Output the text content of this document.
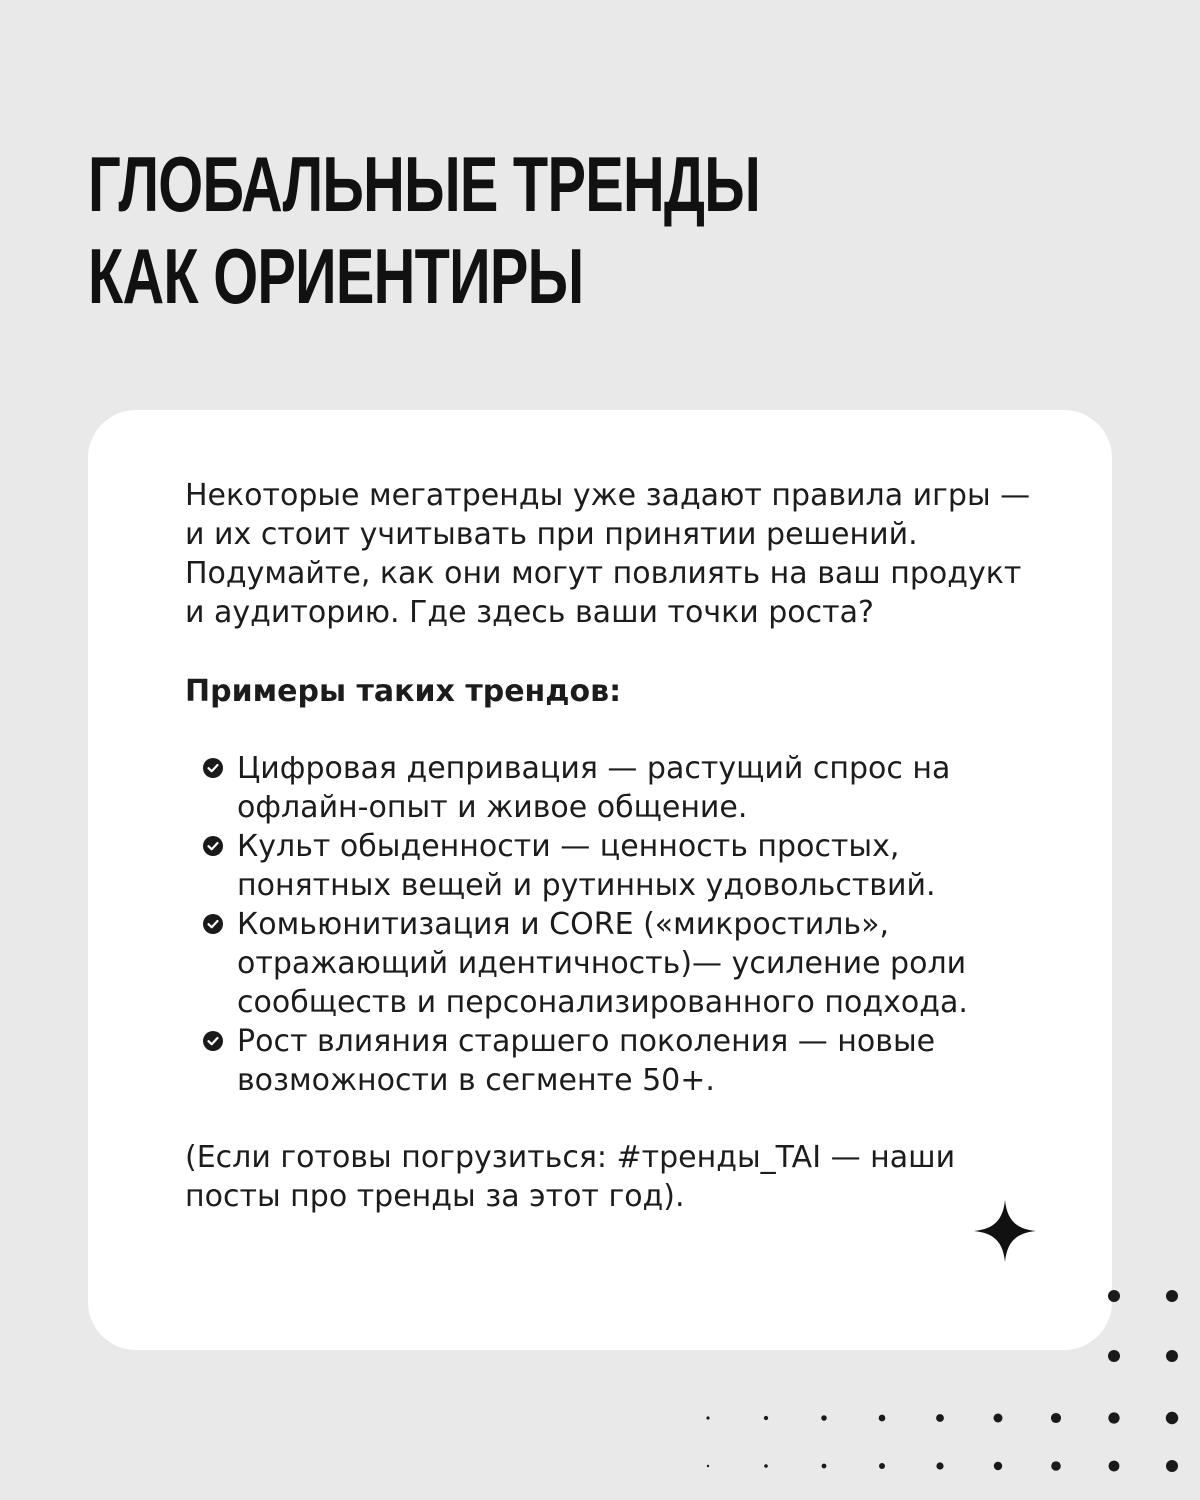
ГЛОБАЛЬНЫЕ ТРЕНДЫ
КАК ОРИЕНТИРЫ

Некоторые мегатренды уже задают правила игры — и их стоит учитывать при принятии решений. Подумайте, как они могут повлиять на ваш продукт и аудиторию. Где здесь ваши точки роста?

Примеры таких трендов:

Цифровая депривация — растущий спрос на офлайн-опыт и живое общение.
Культ обыденности — ценность простых, понятных вещей и рутинных удовольствий.
Комьюнитизация и CORE («микростиль», отражающий идентичность)— усиление роли сообществ и персонализированного подхода.
Рост влияния старшего поколения — новые возможности в сегменте 50+.

(Если готовы погрузиться: #тренды_TAI — наши посты про тренды за этот год).
